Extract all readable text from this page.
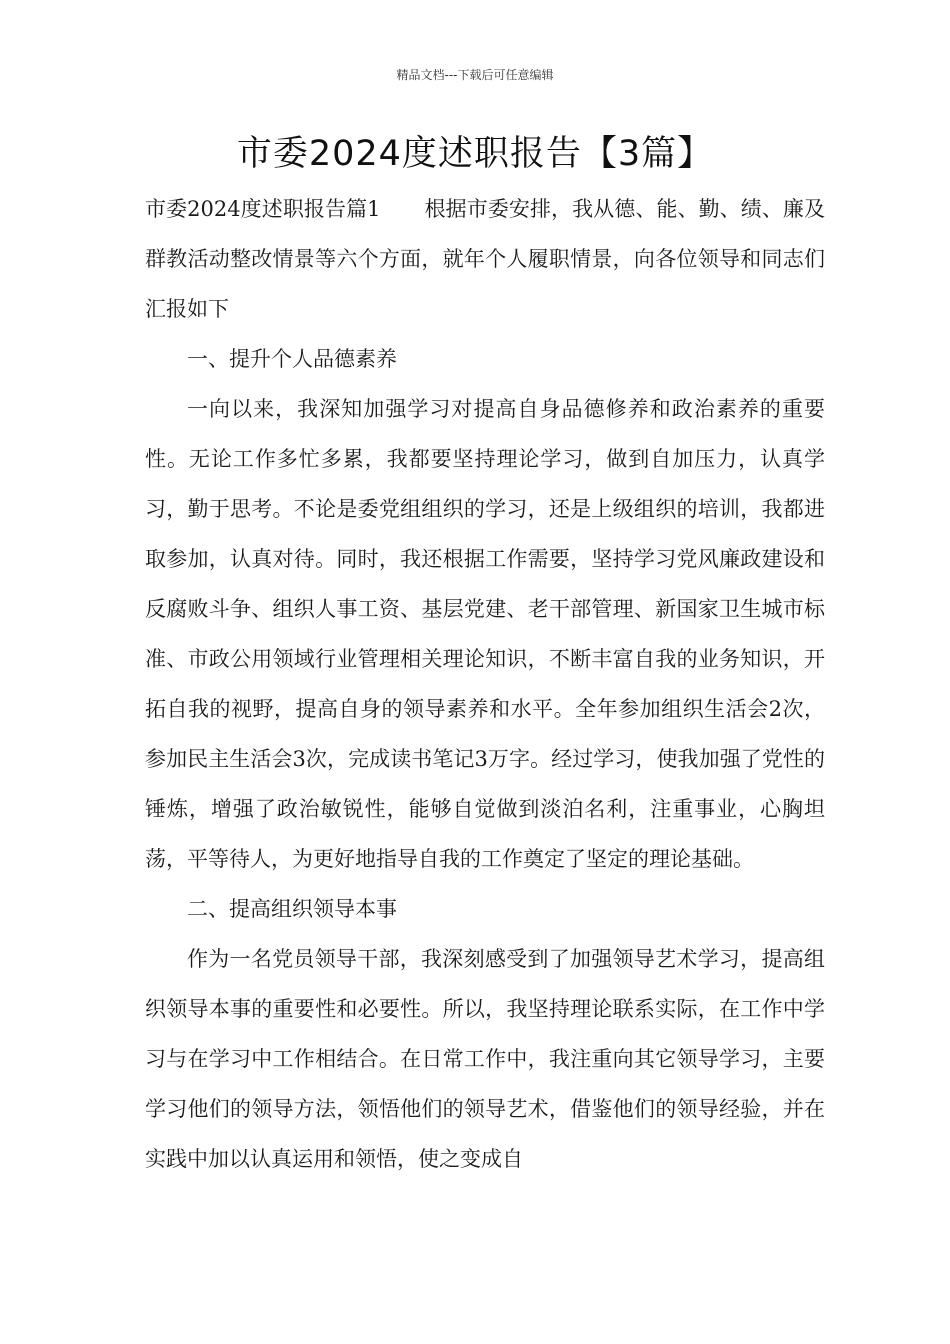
精品文档---下载后可任意编辑
市委2024度述职报告【3篇】

市委2024度述职报告篇1 根据市委安排，我从德、能、勤、绩、廉及群教活动整改情景等六个方面，就年个人履职情景，向各位领导和同志们汇报如下

一、提升个人品德素养

一向以来，我深知加强学习对提高自身品德修养和政治素养的重要性。无论工作多忙多累，我都要坚持理论学习，做到自加压力，认真学习，勤于思考。不论是委党组组织的学习，还是上级组织的培训，我都进取参加，认真对待。同时，我还根据工作需要，坚持学习党风廉政建设和反腐败斗争、组织人事工资、基层党建、老干部管理、新国家卫生城市标准、市政公用领域行业管理相关理论知识，不断丰富自我的业务知识，开拓自我的视野，提高自身的领导素养和水平。全年参加组织生活会2次，参加民主生活会3次，完成读书笔记3万字。经过学习，使我加强了党性的锤炼，增强了政治敏锐性，能够自觉做到淡泊名利，注重事业，心胸坦荡，平等待人，为更好地指导自我的工作奠定了坚定的理论基础。

二、提高组织领导本事

作为一名党员领导干部，我深刻感受到了加强领导艺术学习，提高组织领导本事的重要性和必要性。所以，我坚持理论联系实际，在工作中学习与在学习中工作相结合。在日常工作中，我注重向其它领导学习，主要学习他们的领导方法，领悟他们的领导艺术，借鉴他们的领导经验，并在实践中加以认真运用和领悟，使之变成自
